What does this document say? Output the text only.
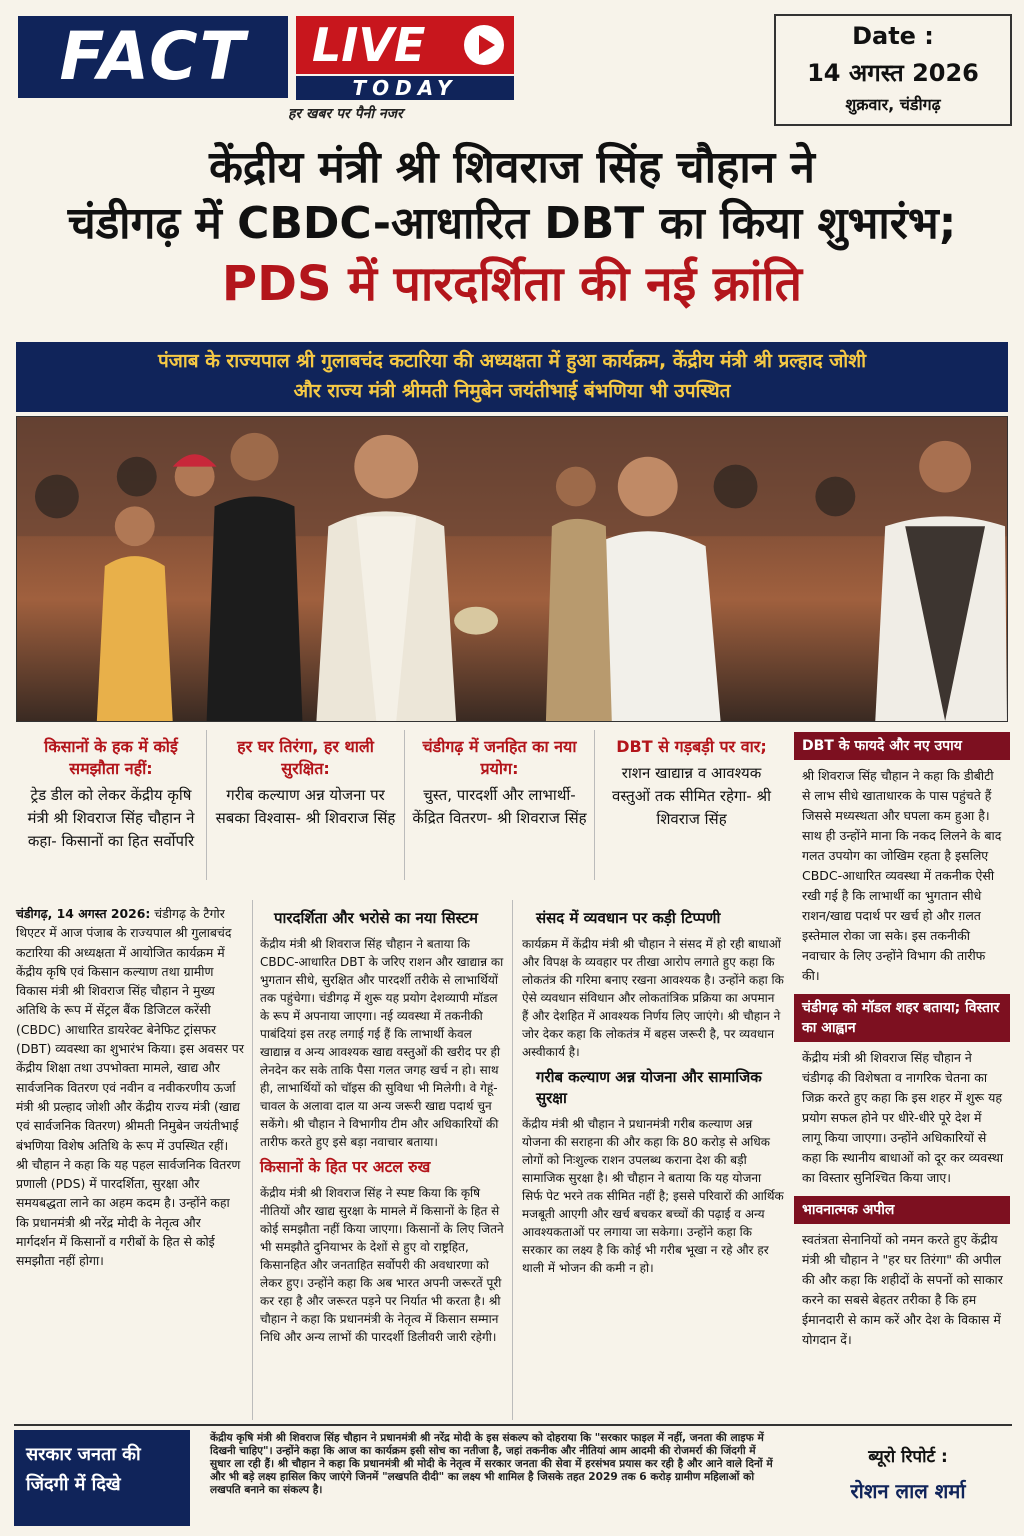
FACT	LIVE
TODAY
हर खबर पर पैनी नजर
Date :
14 अगस्त 2026
शुक्रवार, चंडीगढ़
केंद्रीय मंत्री श्री शिवराज सिंह चौहान ने
चंडीगढ़ में CBDC-आधारित DBT का किया शुभारंभ;
PDS में पारदर्शिता की नई क्रांति
पंजाब के राज्यपाल श्री गुलाबचंद कटारिया की अध्यक्षता में हुआ कार्यक्रम, केंद्रीय मंत्री श्री प्रल्हाद जोशी
और राज्य मंत्री श्रीमती निमुबेन जयंतीभाई बंभणिया भी उपस्थित
किसानों के हक में कोई समझौता नहीं:
ट्रेड डील को लेकर केंद्रीय कृषि मंत्री श्री शिवराज सिंह चौहान ने कहा- किसानों का हित सर्वोपरि
हर घर तिरंगा, हर थाली सुरक्षित:
गरीब कल्याण अन्न योजना पर सबका विश्वास- श्री शिवराज सिंह
चंडीगढ़ में जनहित का नया प्रयोग:
चुस्त, पारदर्शी और लाभार्थी-केंद्रित वितरण- श्री शिवराज सिंह
DBT से गड़बड़ी पर वार;
राशन खाद्यान्न व आवश्यक वस्तुओं तक सीमित रहेगा- श्री शिवराज सिंह
DBT के फायदे और नए उपाय
श्री शिवराज सिंह चौहान ने कहा कि डीबीटी से लाभ सीधे खाताधारक के पास पहुंचते हैं जिससे मध्यस्थता और घपला कम हुआ है। साथ ही उन्होंने माना कि नकद लिलने के बाद गलत उपयोग का जोखिम रहता है इसलिए CBDC-आधारित व्यवस्था में तकनीक ऐसी रखी गई है कि लाभार्थी का भुगतान सीधे राशन/खाद्य पदार्थ पर खर्च हो और ग़लत इस्तेमाल रोका जा सके। इस तकनीकी नवाचार के लिए उन्होंने विभाग की तारीफ की।
चंडीगढ़ को मॉडल शहर बताया; विस्तार का आह्वान
केंद्रीय मंत्री श्री शिवराज सिंह चौहान ने चंडीगढ़ की विशेषता व नागरिक चेतना का जिक्र करते हुए कहा कि इस शहर में शुरू यह प्रयोग सफल होने पर धीरे-धीरे पूरे देश में लागू किया जाएगा। उन्होंने अधिकारियों से कहा कि स्थानीय बाधाओं को दूर कर व्यवस्था का विस्तार सुनिश्चित किया जाए।
भावनात्मक अपील
स्वतंत्रता सेनानियों को नमन करते हुए केंद्रीय मंत्री श्री चौहान ने "हर घर तिरंगा" की अपील की और कहा कि शहीदों के सपनों को साकार करने का सबसे बेहतर तरीका है कि हम ईमानदारी से काम करें और देश के विकास में योगदान दें।
चंडीगढ़, 14 अगस्त 2026: चंडीगढ़ के टैगोर थिएटर में आज पंजाब के राज्यपाल श्री गुलाबचंद कटारिया की अध्यक्षता में आयोजित कार्यक्रम में केंद्रीय कृषि एवं किसान कल्याण तथा ग्रामीण विकास मंत्री श्री शिवराज सिंह चौहान ने मुख्य अतिथि के रूप में सेंट्रल बैंक डिजिटल करेंसी (CBDC) आधारित डायरेक्ट बेनेफिट ट्रांसफर (DBT) व्यवस्था का शुभारंभ किया। इस अवसर पर केंद्रीय शिक्षा तथा उपभोक्ता मामले, खाद्य और सार्वजनिक वितरण एवं नवीन व नवीकरणीय ऊर्जा मंत्री श्री प्रल्हाद जोशी और केंद्रीय राज्य मंत्री (खाद्य एवं सार्वजनिक वितरण) श्रीमती निमुबेन जयंतीभाई बंभणिया विशेष अतिथि के रूप में उपस्थित रहीं। श्री चौहान ने कहा कि यह पहल सार्वजनिक वितरण प्रणाली (PDS) में पारदर्शिता, सुरक्षा और समयबद्धता लाने का अहम कदम है। उन्होंने कहा कि प्रधानमंत्री श्री नरेंद्र मोदी के नेतृत्व और मार्गदर्शन में किसानों व गरीबों के हित से कोई समझौता नहीं होगा।
पारदर्शिता और भरोसे का नया सिस्टम
केंद्रीय मंत्री श्री शिवराज सिंह चौहान ने बताया कि CBDC-आधारित DBT के जरिए राशन और खाद्यान्न का भुगतान सीधे, सुरक्षित और पारदर्शी तरीके से लाभार्थियों तक पहुंचेगा। चंडीगढ़ में शुरू यह प्रयोग देशव्यापी मॉडल के रूप में अपनाया जाएगा। नई व्यवस्था में तकनीकी पाबंदियां इस तरह लगाई गई हैं कि लाभार्थी केवल खाद्यान्न व अन्य आवश्यक खाद्य वस्तुओं की खरीद पर ही लेनदेन कर सके ताकि पैसा गलत जगह खर्च न हो। साथ ही, लाभार्थियों को चॉइस की सुविधा भी मिलेगी। वे गेहूं-चावल के अलावा दाल या अन्य जरूरी खाद्य पदार्थ चुन सकेंगे। श्री चौहान ने विभागीय टीम और अधिकारियों की तारीफ करते हुए इसे बड़ा नवाचार बताया।
किसानों के हित पर अटल रुख
केंद्रीय मंत्री श्री शिवराज सिंह ने स्पष्ट किया कि कृषि नीतियों और खाद्य सुरक्षा के मामले में किसानों के हित से कोई समझौता नहीं किया जाएगा। किसानों के लिए जितने भी समझौते दुनियाभर के देशों से हुए वो राष्ट्रहित, किसानहित और जनताहित सर्वोपरी की अवधारणा को लेकर हुए। उन्होंने कहा कि अब भारत अपनी जरूरतें पूरी कर रहा है और जरूरत पड़ने पर निर्यात भी करता है। श्री चौहान ने कहा कि प्रधानमंत्री के नेतृत्व में किसान सम्मान निधि और अन्य लाभों की पारदर्शी डिलीवरी जारी रहेगी।
संसद में व्यवधान पर कड़ी टिप्पणी
कार्यक्रम में केंद्रीय मंत्री श्री चौहान ने संसद में हो रही बाधाओं और विपक्ष के व्यवहार पर तीखा आरोप लगाते हुए कहा कि लोकतंत्र की गरिमा बनाए रखना आवश्यक है। उन्होंने कहा कि ऐसे व्यवधान संविधान और लोकतांत्रिक प्रक्रिया का अपमान हैं और देशहित में आवश्यक निर्णय लिए जाएंगे। श्री चौहान ने जोर देकर कहा कि लोकतंत्र में बहस जरूरी है, पर व्यवधान अस्वीकार्य है।
गरीब कल्याण अन्न योजना और सामाजिक सुरक्षा
केंद्रीय मंत्री श्री चौहान ने प्रधानमंत्री गरीब कल्याण अन्न योजना की सराहना की और कहा कि 80 करोड़ से अधिक लोगों को निःशुल्क राशन उपलब्ध कराना देश की बड़ी सामाजिक सुरक्षा है। श्री चौहान ने बताया कि यह योजना सिर्फ पेट भरने तक सीमित नहीं है; इससे परिवारों की आर्थिक मजबूती आएगी और खर्च बचकर बच्चों की पढ़ाई व अन्य आवश्यकताओं पर लगाया जा सकेगा। उन्होंने कहा कि सरकार का लक्ष्य है कि कोई भी गरीब भूखा न रहे और हर थाली में भोजन की कमी न हो।
सरकार जनता की जिंदगी में दिखे
केंद्रीय कृषि मंत्री श्री शिवराज सिंह चौहान ने प्रधानमंत्री श्री नरेंद्र मोदी के इस संकल्प को दोहराया कि "सरकार फाइल में नहीं, जनता की लाइफ में दिखनी चाहिए"। उन्होंने कहा कि आज का कार्यक्रम इसी सोच का नतीजा है, जहां तकनीक और नीतियां आम आदमी की रोजमर्रा की जिंदगी में सुधार ला रही हैं। श्री चौहान ने कहा कि प्रधानमंत्री श्री मोदी के नेतृत्व में सरकार जनता की सेवा में हरसंभव प्रयास कर रही है और आने वाले दिनों में और भी बड़े लक्ष्य हासिल किए जाएंगे जिनमें "लखपति दीदी" का लक्ष्य भी शामिल है जिसके तहत 2029 तक 6 करोड़ ग्रामीण महिलाओं को लखपति बनाने का संकल्प है।
ब्यूरो रिपोर्ट :
रोशन लाल शर्मा
